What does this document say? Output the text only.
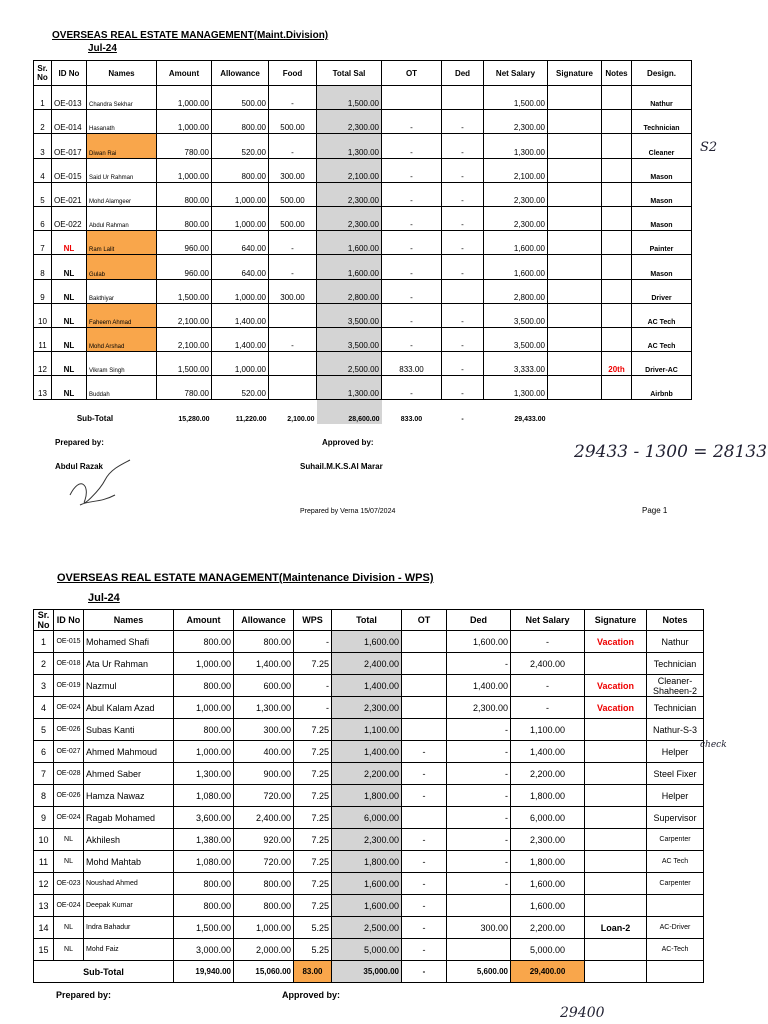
OVERSEAS REAL ESTATE MANAGEMENT(Maint.Division)
Jul-24
Sr. No	ID No	Names	Amount	Allowance	Food	Total Sal	OT	Ded	Net Salary	Signature	Notes	Design.
1	OE-013	Chandra Sekhar	1,000.00	500.00	-	1,500.00			1,500.00			Nathur
2	OE-014	Hasanath	1,000.00	800.00	500.00	2,300.00	-	-	2,300.00			Technician
3	OE-017	Diwan Rai	780.00	520.00	-	1,300.00	-	-	1,300.00			Cleaner
4	OE-015	Said Ur Rahman	1,000.00	800.00	300.00	2,100.00	-	-	2,100.00			Mason
5	OE-021	Mohd Alamgeer	800.00	1,000.00	500.00	2,300.00	-	-	2,300.00			Mason
6	OE-022	Abdul Rahman	800.00	1,000.00	500.00	2,300.00	-	-	2,300.00			Mason
7	NL	Ram Lalit	960.00	640.00	-	1,600.00	-	-	1,600.00			Painter
8	NL	Gulab	960.00	640.00	-	1,600.00	-	-	1,600.00			Mason
9	NL	Bakthiyar	1,500.00	1,000.00	300.00	2,800.00	-		2,800.00			Driver
10	NL	Faheem Ahmad	2,100.00	1,400.00		3,500.00	-	-	3,500.00			AC Tech
11	NL	Mohd Arshad	2,100.00	1,400.00	-	3,500.00	-	-	3,500.00			AC Tech
12	NL	Vikram Singh	1,500.00	1,000.00		2,500.00	833.00	-	3,333.00		20th	Driver-AC
13	NL	Buddah	780.00	520.00		1,300.00	-	-	1,300.00			Airbnb
Sub-Total			15,280.00	11,220.00	2,100.00	28,600.00	833.00	-	29,433.00			
Prepared by:	Approved by:
Abdul Razak	Suhail.M.K.S.Al Marar
Prepared by Verna 15/07/2024	Page 1
29433 - 1300 = 28133
S2
OVERSEAS REAL ESTATE MANAGEMENT(Maintenance Division - WPS)
Jul-24
Sr. No	ID No	Names	Amount	Allowance	WPS	Total	OT	Ded	Net Salary	Signature	Notes
1	OE-015	Mohamed Shafi	800.00	800.00	-	1,600.00		1,600.00	-	Vacation	Nathur
2	OE-018	Ata Ur Rahman	1,000.00	1,400.00	7.25	2,400.00		-	2,400.00		Technician
3	OE-019	Nazmul	800.00	600.00	-	1,400.00		1,400.00	-	Vacation	Cleaner-Shaheen-2
4	OE-024	Abul Kalam Azad	1,000.00	1,300.00	-	2,300.00		2,300.00	-	Vacation	Technician
5	OE-026	Subas Kanti	800.00	300.00	7.25	1,100.00		-	1,100.00		Nathur-S-3
6	OE-027	Ahmed Mahmoud	1,000.00	400.00	7.25	1,400.00	-	-	1,400.00		Helper
7	OE-028	Ahmed Saber	1,300.00	900.00	7.25	2,200.00	-	-	2,200.00		Steel Fixer
8	OE-026	Hamza Nawaz	1,080.00	720.00	7.25	1,800.00	-	-	1,800.00		Helper
9	OE-024	Ragab Mohamed	3,600.00	2,400.00	7.25	6,000.00		-	6,000.00		Supervisor
10	NL	Akhilesh	1,380.00	920.00	7.25	2,300.00	-	-	2,300.00		Carpenter
11	NL	Mohd Mahtab	1,080.00	720.00	7.25	1,800.00	-	-	1,800.00		AC Tech
12	OE-023	Noushad Ahmed	800.00	800.00	7.25	1,600.00	-	-	1,600.00		Carpenter
13	OE-024	Deepak Kumar	800.00	800.00	7.25	1,600.00	-		1,600.00		
14	NL	Indra Bahadur	1,500.00	1,000.00	5.25	2,500.00	-	300.00	2,200.00	Loan-2	AC-Driver
15	NL	Mohd Faiz	3,000.00	2,000.00	5.25	5,000.00	-		5,000.00		AC-Tech
Sub-Total			19,940.00	15,060.00	83.00	35,000.00	-	5,600.00	29,400.00		
Prepared by:	Approved by:
check
29400
